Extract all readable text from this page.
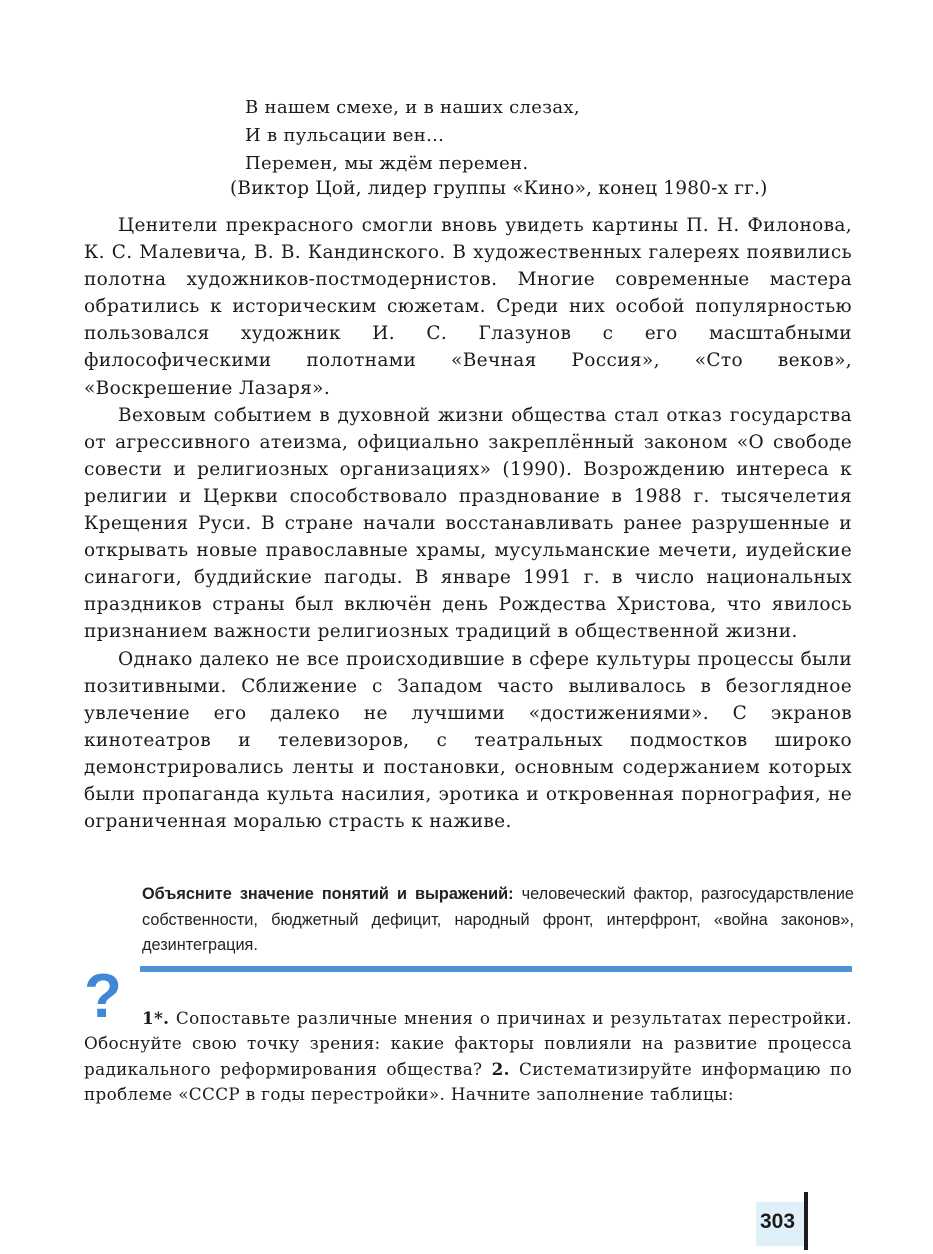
В нашем смехе, и в наших слезах,
И в пульсации вен...
Перемен, мы ждём перемен.
(Виктор Цой, лидер группы «Кино», конец 1980-х гг.)

Ценители прекрасного смогли вновь увидеть картины П. Н. Филонова, К. С. Малевича, В. В. Кандинского. В художественных галереях появились полотна художников-постмодернистов. Многие современные мастера обратились к историческим сюжетам. Среди них особой популярностью пользовался художник И. С. Глазунов с его масштабными философическими полотнами «Вечная Россия», «Сто веков», «Воскрешение Лазаря».

Веховым событием в духовной жизни общества стал отказ государства от агрессивного атеизма, официально закреплённый законом «О свободе совести и религиозных организациях» (1990). Возрождению интереса к религии и Церкви способствовало празднование в 1988 г. тысячелетия Крещения Руси. В стране начали восстанавливать ранее разрушенные и открывать новые православные храмы, мусульманские мечети, иудейские синагоги, буддийские пагоды. В январе 1991 г. в число национальных праздников страны был включён день Рождества Христова, что явилось признанием важности религиозных традиций в общественной жизни.

Однако далеко не все происходившие в сфере культуры процессы были позитивными. Сближение с Западом часто выливалось в безоглядное увлечение его далеко не лучшими «достижениями». С экранов кинотеатров и телевизоров, с театральных подмостков широко демонстрировались ленты и постановки, основным содержанием которых были пропаганда культа насилия, эротика и откровенная порнография, не ограниченная моралью страсть к наживе.

Объясните значение понятий и выражений: человеческий фактор, разгосударствление собственности, бюджетный дефицит, народный фронт, интерфронт, «война законов», дезинтеграция.
?	1*. Сопоставьте различные мнения о причинах и результатах перестройки. Обоснуйте свою точку зрения: какие факторы повлияли на развитие процесса радикального реформирования общества? 2. Систематизируйте информацию по проблеме «СССР в годы перестройки». Начните заполнение таблицы:
303
